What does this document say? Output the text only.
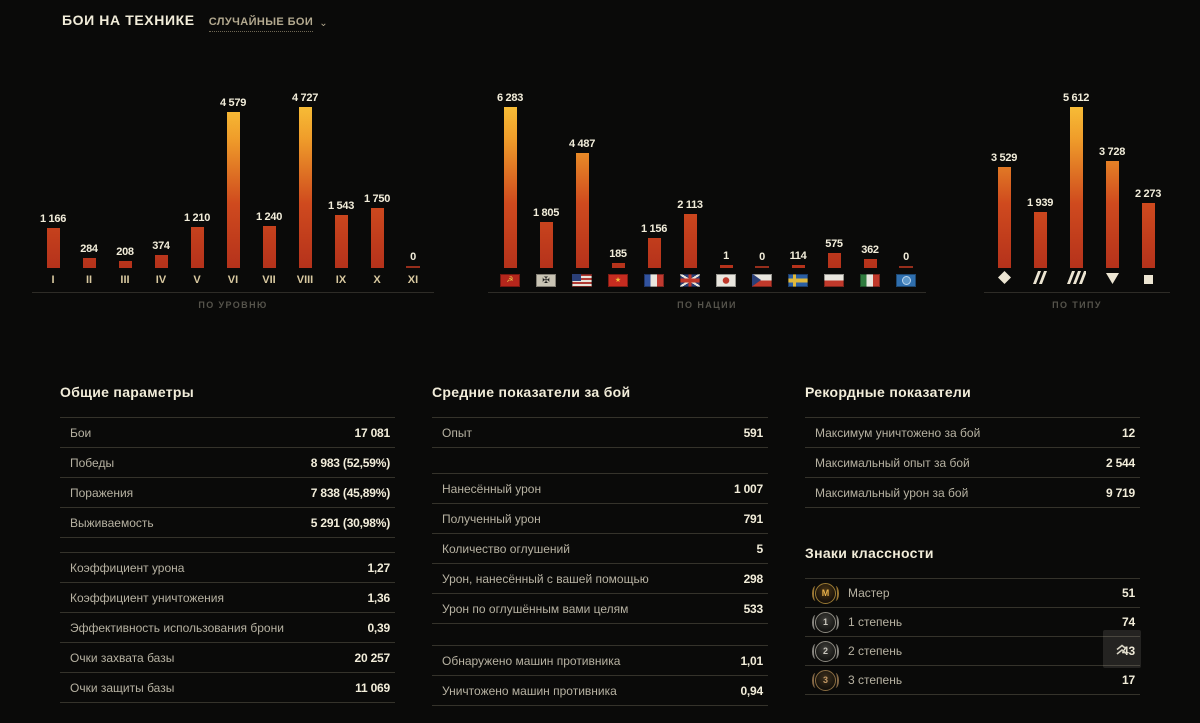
БОИ НА ТЕХНИКЕ СЛУЧАЙНЫЕ БОИ ⌄
1 166
284 208 374
1 210
4 579
1 240
4 727
1 543
1 750
0
I	II	III IV V VI VII VIII IX X XI
ПО УРОВНЮ
6 283
1 805
4 487
185
1 156
2 113
1	0 114
575 362
0
☭	✠	★
ПО НАЦИИ
3 529
1 939
5 612
3 728
2 273
ПО ТИПУ
Общие параметры
Бои	17 081
Победы	8 983 (52,59%)
Поражения	7 838 (45,89%)
Выживаемость	5 291 (30,98%)
Коэффициент урона	1,27
Коэффициент уничтожения	1,36
Эффективность использования брони	0,39
Очки захвата базы	20 257
Очки защиты базы	11 069
Средние показатели за бой
Опыт	591
Нанесённый урон	1 007
Полученный урон	791
Количество оглушений	5
Урон, нанесённый с вашей помощью	298
Урон по оглушённым вами целям	533
Обнаружено машин противника	1,01
Уничтожено машин противника	0,94
Рекордные показатели
Максимум уничтожено за бой	12
Максимальный опыт за бой	2 544
Максимальный урон за бой	9 719
Знаки классности
M	Мастер	51
1	1 степень	74
2	2 степень	43
3	3 степень	17
